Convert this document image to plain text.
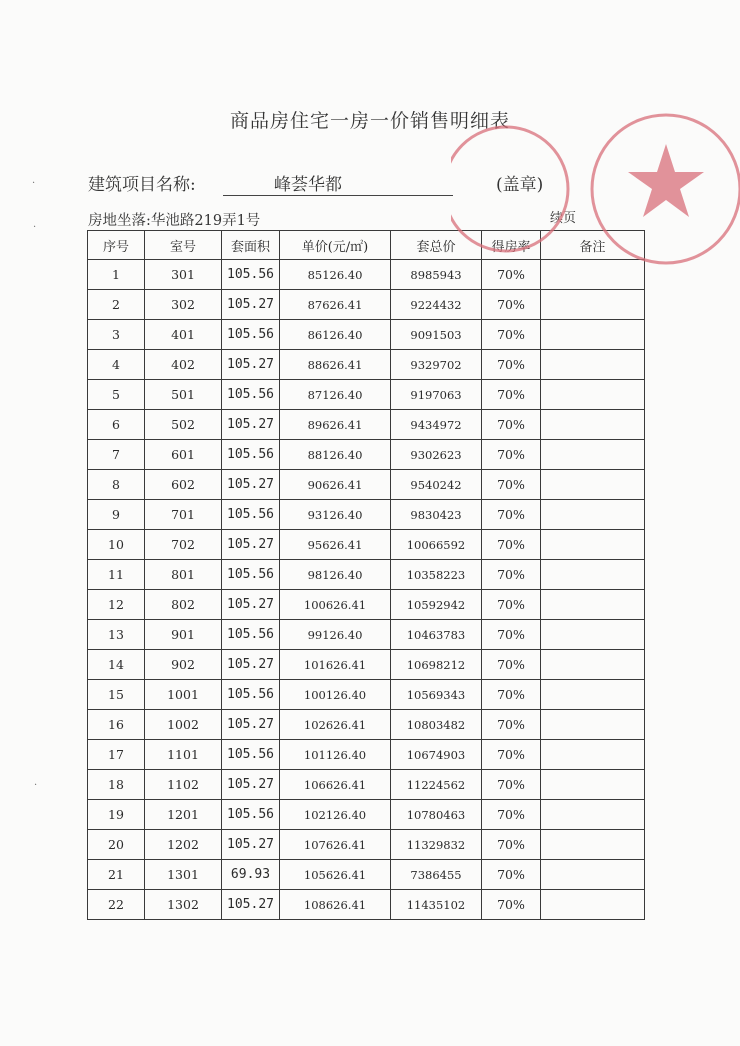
商品房住宅一房一价销售明细表
建筑项目名称:	峰荟华都	(盖章)
房地坐落:华池路219弄1号	续页
序号	室号	套面积	单价(元/㎡)	套总价	得房率	备注
1	301	105.56	85126.40	8985943	70%	
2	302	105.27	87626.41	9224432	70%	
3	401	105.56	86126.40	9091503	70%	
4	402	105.27	88626.41	9329702	70%	
5	501	105.56	87126.40	9197063	70%	
6	502	105.27	89626.41	9434972	70%	
7	601	105.56	88126.40	9302623	70%	
8	602	105.27	90626.41	9540242	70%	
9	701	105.56	93126.40	9830423	70%	
10	702	105.27	95626.41	10066592	70%	
11	801	105.56	98126.40	10358223	70%	
12	802	105.27	100626.41	10592942	70%	
13	901	105.56	99126.40	10463783	70%	
14	902	105.27	101626.41	10698212	70%	
15	1001	105.56	100126.40	10569343	70%	
16	1002	105.27	102626.41	10803482	70%	
17	1101	105.56	101126.40	10674903	70%	
18	1102	105.27	106626.41	11224562	70%	
19	1201	105.56	102126.40	10780463	70%	
20	1202	105.27	107626.41	11329832	70%	
21	1301	69.93	105626.41	7386455	70%	
22	1302	105.27	108626.41	11435102	70%	
·
·
·
